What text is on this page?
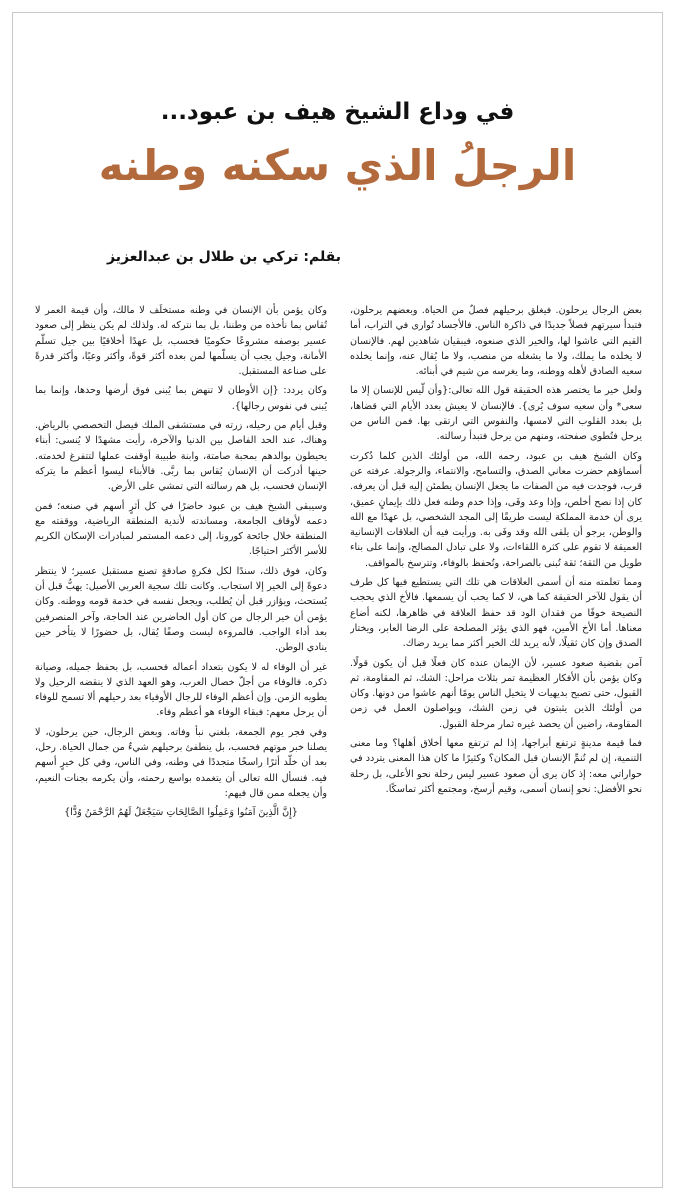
في وداع الشيخ هيف بن عبود...
الرجلُ الذي سكنه وطنه
بقلم: تركي بن طلال بن عبدالعزيز

بعض الرجال يرحلون. فيغلق برحيلهم فصلٌ من الحياة. وبعضهم يرحلون، فتبدأ سيرتهم فصلاً جديدًا في ذاكرة الناس. فالأجساد تُوارى في التراب، أما القيم التي عاشوا لها، والخير الذي صنعوه، فيبقيان شاهدين لهم. فالإنسان لا يخلده ما يملك، ولا ما يشغله من منصب، ولا ما يُقال عنه، وإنما يخلده سعيه الصادق لأهله ووطنه، وما يغرسه من شيم في أبنائه.

ولعل خير ما يختصر هذه الحقيقة قول الله تعالى:{وأن لّيس للإنسان إلا ما سعى* وأن سعيه سوف يُرى}. فالإنسان لا يعيش بعدد الأيام التي قضاها، بل بعدد القلوب التي لامسها، والنفوس التي ارتقى بها. فمن الناس من يرحل فتُطوى صفحته، ومنهم من يرحل فتبدأ رسالته.

وكان الشيخ هيف بن عبود، رحمه الله، من أولئك الذين كلما ذُكرت أسماؤهم حضرت معاني الصدق، والتسامح، والانتماء، والرجولة. عرفته عن قرب، فوجدت فيه من الصفات ما يجعل الإنسان يطمئن إليه قبل أن يعرفه. كان إذا نصح أخلص، وإذا وعد وفَى، وإذا خدم وطنه فعل ذلك بإيمانٍ عميق، يرى أن خدمة المملكة ليست طريقًا إلى المجد الشخصي، بل عهدًا مع الله والوطن، يرجو أن يلقى الله وقد وفَى به. ورأيت فيه أن العلاقات الإنسانية العميقة لا تقوم على كثرة اللقاءات، ولا على تبادل المصالح، وإنما على بناء طويل من الثقة؛ ثقة تُبنى بالصراحة، وتُحفظ بالوفاء، وتترسخ بالمواقف.

ومما تعلمته منه أن أسمى العلاقات هي تلك التي يستطيع فيها كل طرف أن يقول للآخر الحقيقة كما هي، لا كما يحب أن يسمعها. فالأخ الذي يحجب النصيحة خوفًا من فقدان الود قد حفظ العلاقة في ظاهرها، لكنه أضاع معناها. أما الأخ الأمين، فهو الذي يؤثر المصلحة على الرضا العابر، ويختار الصدق وإن كان ثقيلًا، لأنه يريد لك الخير أكثر مما يريد رضاك.

آمن بقضية صعود عسير، لأن الإيمان عنده كان فعلًا قبل أن يكون قولًا. وكان يؤمن بأن الأفكار العظيمة تمر بثلاث مراحل: الشك، ثم المقاومة، ثم القبول، حتى تصبح بديهيات لا يتخيل الناس يومًا أنهم عاشوا من دونها. وكان من أولئك الذين يثبتون في زمن الشك، ويواصلون العمل في زمن المقاومة، راضين أن يحصد غيره ثمار مرحلة القبول.

فما قيمة مدينةٍ ترتفع أبراجها، إذا لم ترتفع معها أخلاق أهلها؟ وما معنى التنمية، إن لم تُنمِّ الإنسان قبل المكان؟ وكثيرًا ما كان هذا المعنى يتردد في حواراتي معه: إذ كان يرى أن صعود عسير ليس رحلة نحو الأعلى، بل رحلة نحو الأفضل: نحو إنسان أسمى، وقيم أرسخ، ومجتمع أكثر تماسكًا.

وكان يؤمن بأن الإنسان في وطنه مستخلَف لا مالك، وأن قيمة العمر لا تُقاس بما نأخذه من وطننا، بل بما نتركه له. ولذلك لم يكن ينظر إلى صعود عسير بوصفه مشروعًا حكوميًا فحسب، بل عهدًا أخلاقيًا بين جيل تسلّم الأمانة، وجيل يجب أن يسلّمها لمن بعده أكثر قوةً، وأكثر وعيًا، وأكثر قدرةً على صناعة المستقبل.

وكان يردد: {إن الأوطان لا تنهض بما يُبنى فوق أرضها وحدها، وإنما بما يُبنى في نفوس رجالها}.

وقبل أيام من رحيله، زرته في مستشفى الملك فيصل التخصصي بالرياض. وهناك، عند الحد الفاصل بين الدنيا والآخرة، رأيت مشهدًا لا يُنسى: أبناء يحيطون بوالدهم بمحبة صامتة، وابنة طبيبة أوقفت عملها لتتفرغ لخدمته. حينها أدركت أن الإنسان يُقاس بما ربَّى. فالأبناء ليسوا أعظم ما يتركه الإنسان فحسب، بل هم رسالته التي تمشي على الأرض.

وسيبقى الشيخ هيف بن عبود حاضرًا في كل أثرٍ أسهم في صنعه؛ فمن دعمه لأوقاف الجامعة، ومساندته لأندية المنطقة الرياضية، ووقفته مع المنطقة خلال جائحة كورونا، إلى دعمه المستمر لمبادرات الإسكان الكريم للأسر الأكثر احتياجًا.

وكان، فوق ذلك، سندًا لكل فكرةٍ صادقةٍ تصنع مستقبل عسير؛ لا ينتظر دعوةً إلى الخير إلا استجاب. وكانت تلك سجية العربي الأصيل: يهبُّ قبل أن يُستحث، ويؤازر قبل أن يُطلب، ويجعل نفسه في خدمة قومه ووطنه. وكان يؤمن أن خير الرجال من كان أول الحاضرين عند الحاجة، وآخر المنصرفين بعد أداء الواجب. فالمروءة ليست وصفًا يُقال، بل حضورًا لا يتأخر حين ينادي الوطن.

غير أن الوفاء له لا يكون بتعداد أعماله فحسب، بل بحفظ جميله، وصيانة ذكره. فالوفاء من أجلّ خصال العرب، وهو العهد الذي لا ينقضه الرحيل ولا يطويه الزمن. وإن أعظم الوفاء للرجال الأوفياء بعد رحيلهم ألا تسمح للوفاء أن يرحل معهم: فبقاء الوفاء هو أعظم وفاء.

وفي فجر يوم الجمعة، بلغني نبأ وفاته. وبعض الرجال، حين يرحلون، لا يصلنا خبر موتهم فحسب، بل ينطفئ برحيلهم شيءٌ من جمال الحياة. رحل، بعد أن خلّد أثرًا راسخًا متجددًا في وطنه، وفي الناس، وفي كل خيرٍ أسهم فيه. فنسأل الله تعالى أن يتغمده بواسع رحمته، وأن يكرمه بجنات النعيم، وأن يجعله ممن قال فيهم:

{إِنَّ الَّذِينَ آمَنُوا وَعَمِلُوا الصَّالِحَاتِ سَيَجْعَلُ لَهُمُ الرَّحْمَنُ وُدًّا}
